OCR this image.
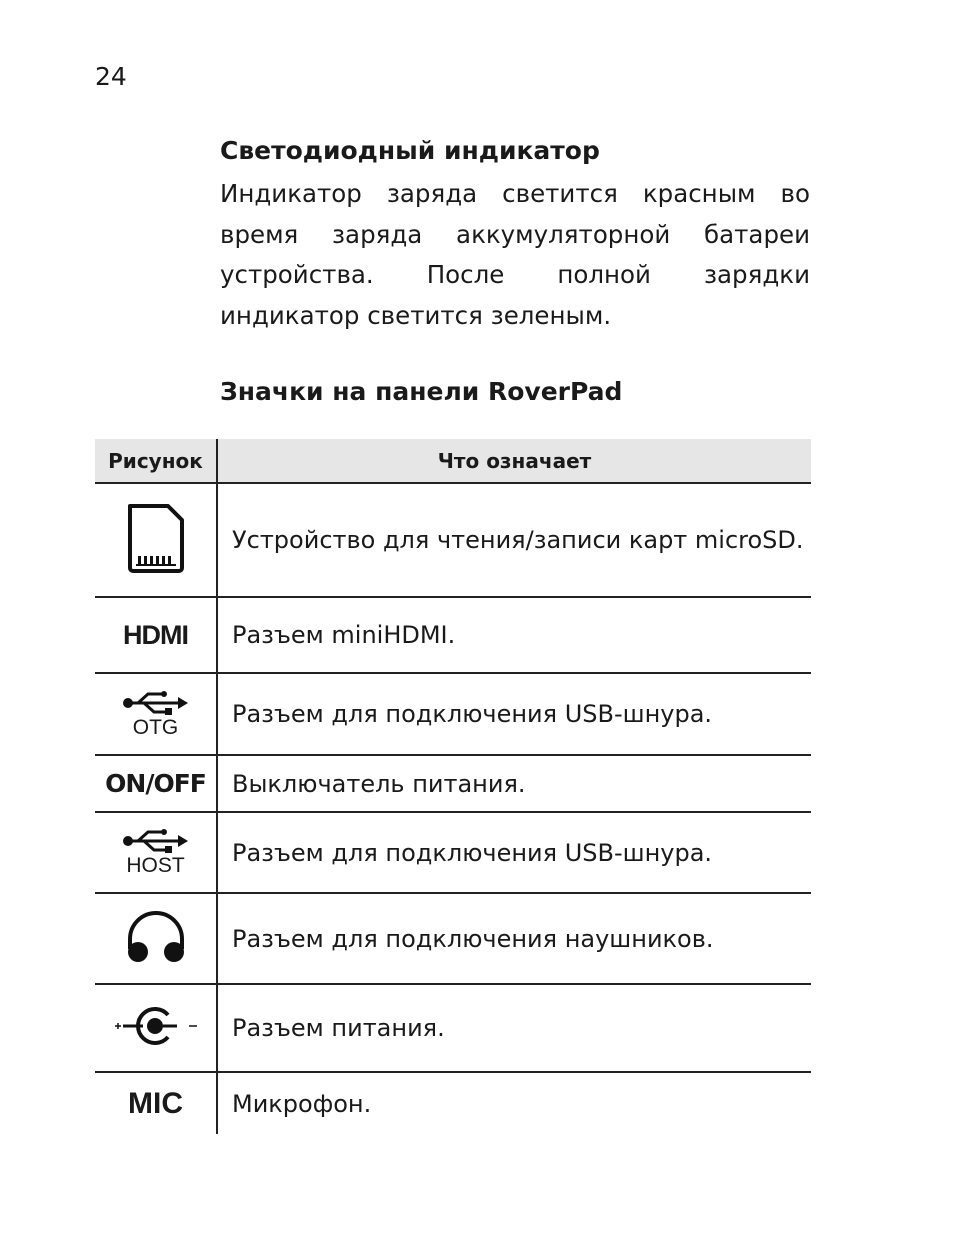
24
Светодиодный индикатор
Индикатор заряда светится красным во время заряда аккумуляторной батареи устройства. После полной зарядки индикатор светится зеленым.
Значки на панели RoverPad
Рисунок	Что означает
	Устройство для чтения/записи карт microSD.
HDMI	Разъем miniHDMI.

OTG	Разъем для подключения USB-шнура.
ON/OFF	Выключатель питания.

HOST	Разъем для подключения USB-шнура.
	Разъем для подключения наушников.
	Разъем питания.
MIC	Микрофон.
